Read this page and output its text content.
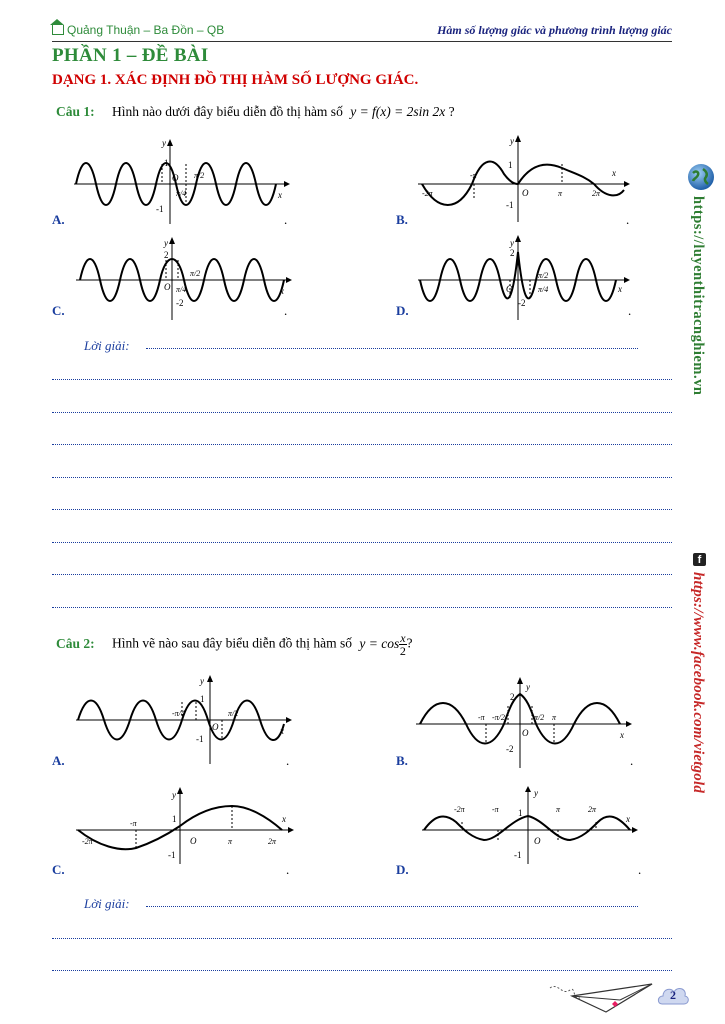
Quảng Thuận – Ba Đồn – QB	Hàm số lượng giác và phương trình lượng giác
PHẦN 1 – ĐỀ BÀI
DẠNG 1. XÁC ĐỊNH ĐỒ THỊ HÀM SỐ LƯỢNG GIÁC.
Câu 1: Hình nào dưới đây biểu diễn đồ thị hàm số y = f(x) = 2sin 2x ?
y
x
1
O
-1
π/2
π/4
A.	.
y
x
1
O
-1
-2π
-π
π	2π
B.	.
y
x
2
O
-2
π/2
π/4
C.	.
y
x
2
O
-2
π/2
π/4
D.	.
Lời giải:
Câu 2: Hình vẽ nào sau đây biểu diễn đồ thị hàm số $y = \cos \frac{x}{2}$ ?
y
x
1
O
-1
-π/4	π/2
A.	.
y
x
2
O
-2
-π -π/2	π/2 π
B.	.
y
x
1
O
-1
-2π
-π
π	2π
C.	.
y
x
1
O
-1
-2π	-π	π	2π
D.	.
Lời giải:
https://luyenthitracnghiem.vn
f
https://www.facebook.com/vietgold
2
